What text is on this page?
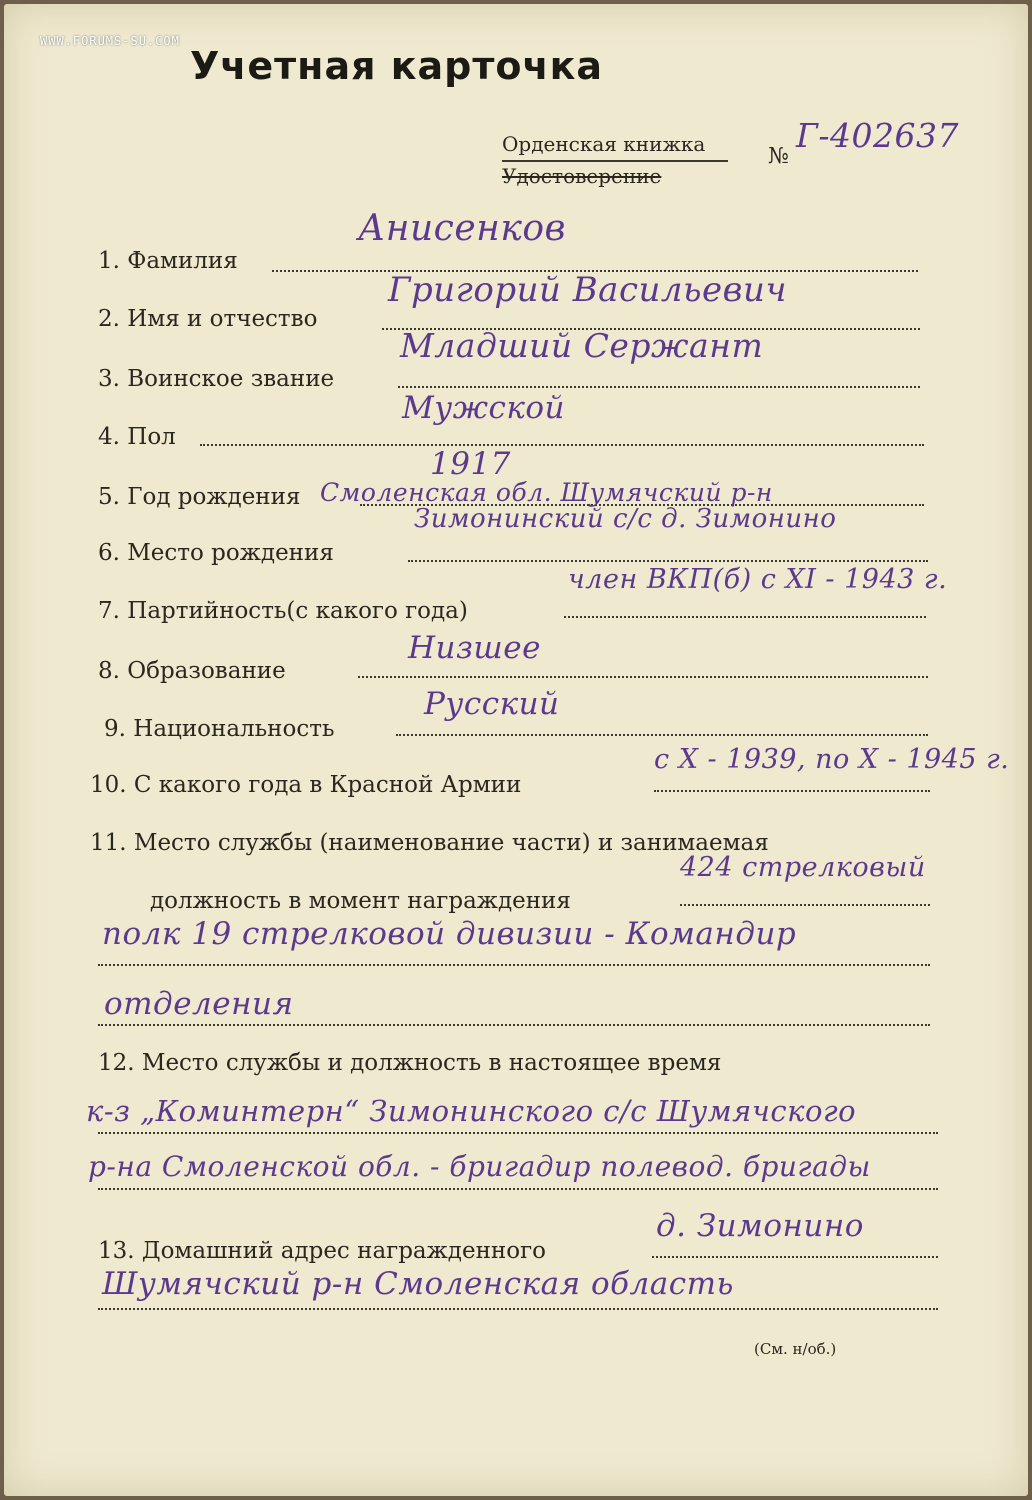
WWW.FORUMS-SU.COM
Учетная карточка
Орденская книжка
Удостоверение
№
Г-402637
1. Фамилия
Анисенков
2. Имя и отчество
Григорий Васильевич
3. Воинское звание
Младший Сержант
4. Пол
Мужской
5. Год рождения
1917
Смоленская обл. Шумячский р-н
6. Место рождения
Зимонинский с/с д. Зимонино
7. Партийность(с какого года)
член ВКП(б) с XI - 1943 г.
8. Образование
Низшее
9. Национальность
Русский
10. С какого года в Красной Армии
с X - 1939, по X - 1945 г.
11. Место службы (наименование части) и занимаемая
должность в момент награждения
424 стрелковый
полк 19 стрелковой дивизии - Командир
отделения
12. Место службы и должность в настоящее время
к-з „Коминтерн“ Зимонинского с/с Шумячского
р-на Смоленской обл. - бригадир полевод. бригады
13. Домашний адрес награжденного
д. Зимонино
Шумячский р-н Смоленская область
(См. н/об.)
